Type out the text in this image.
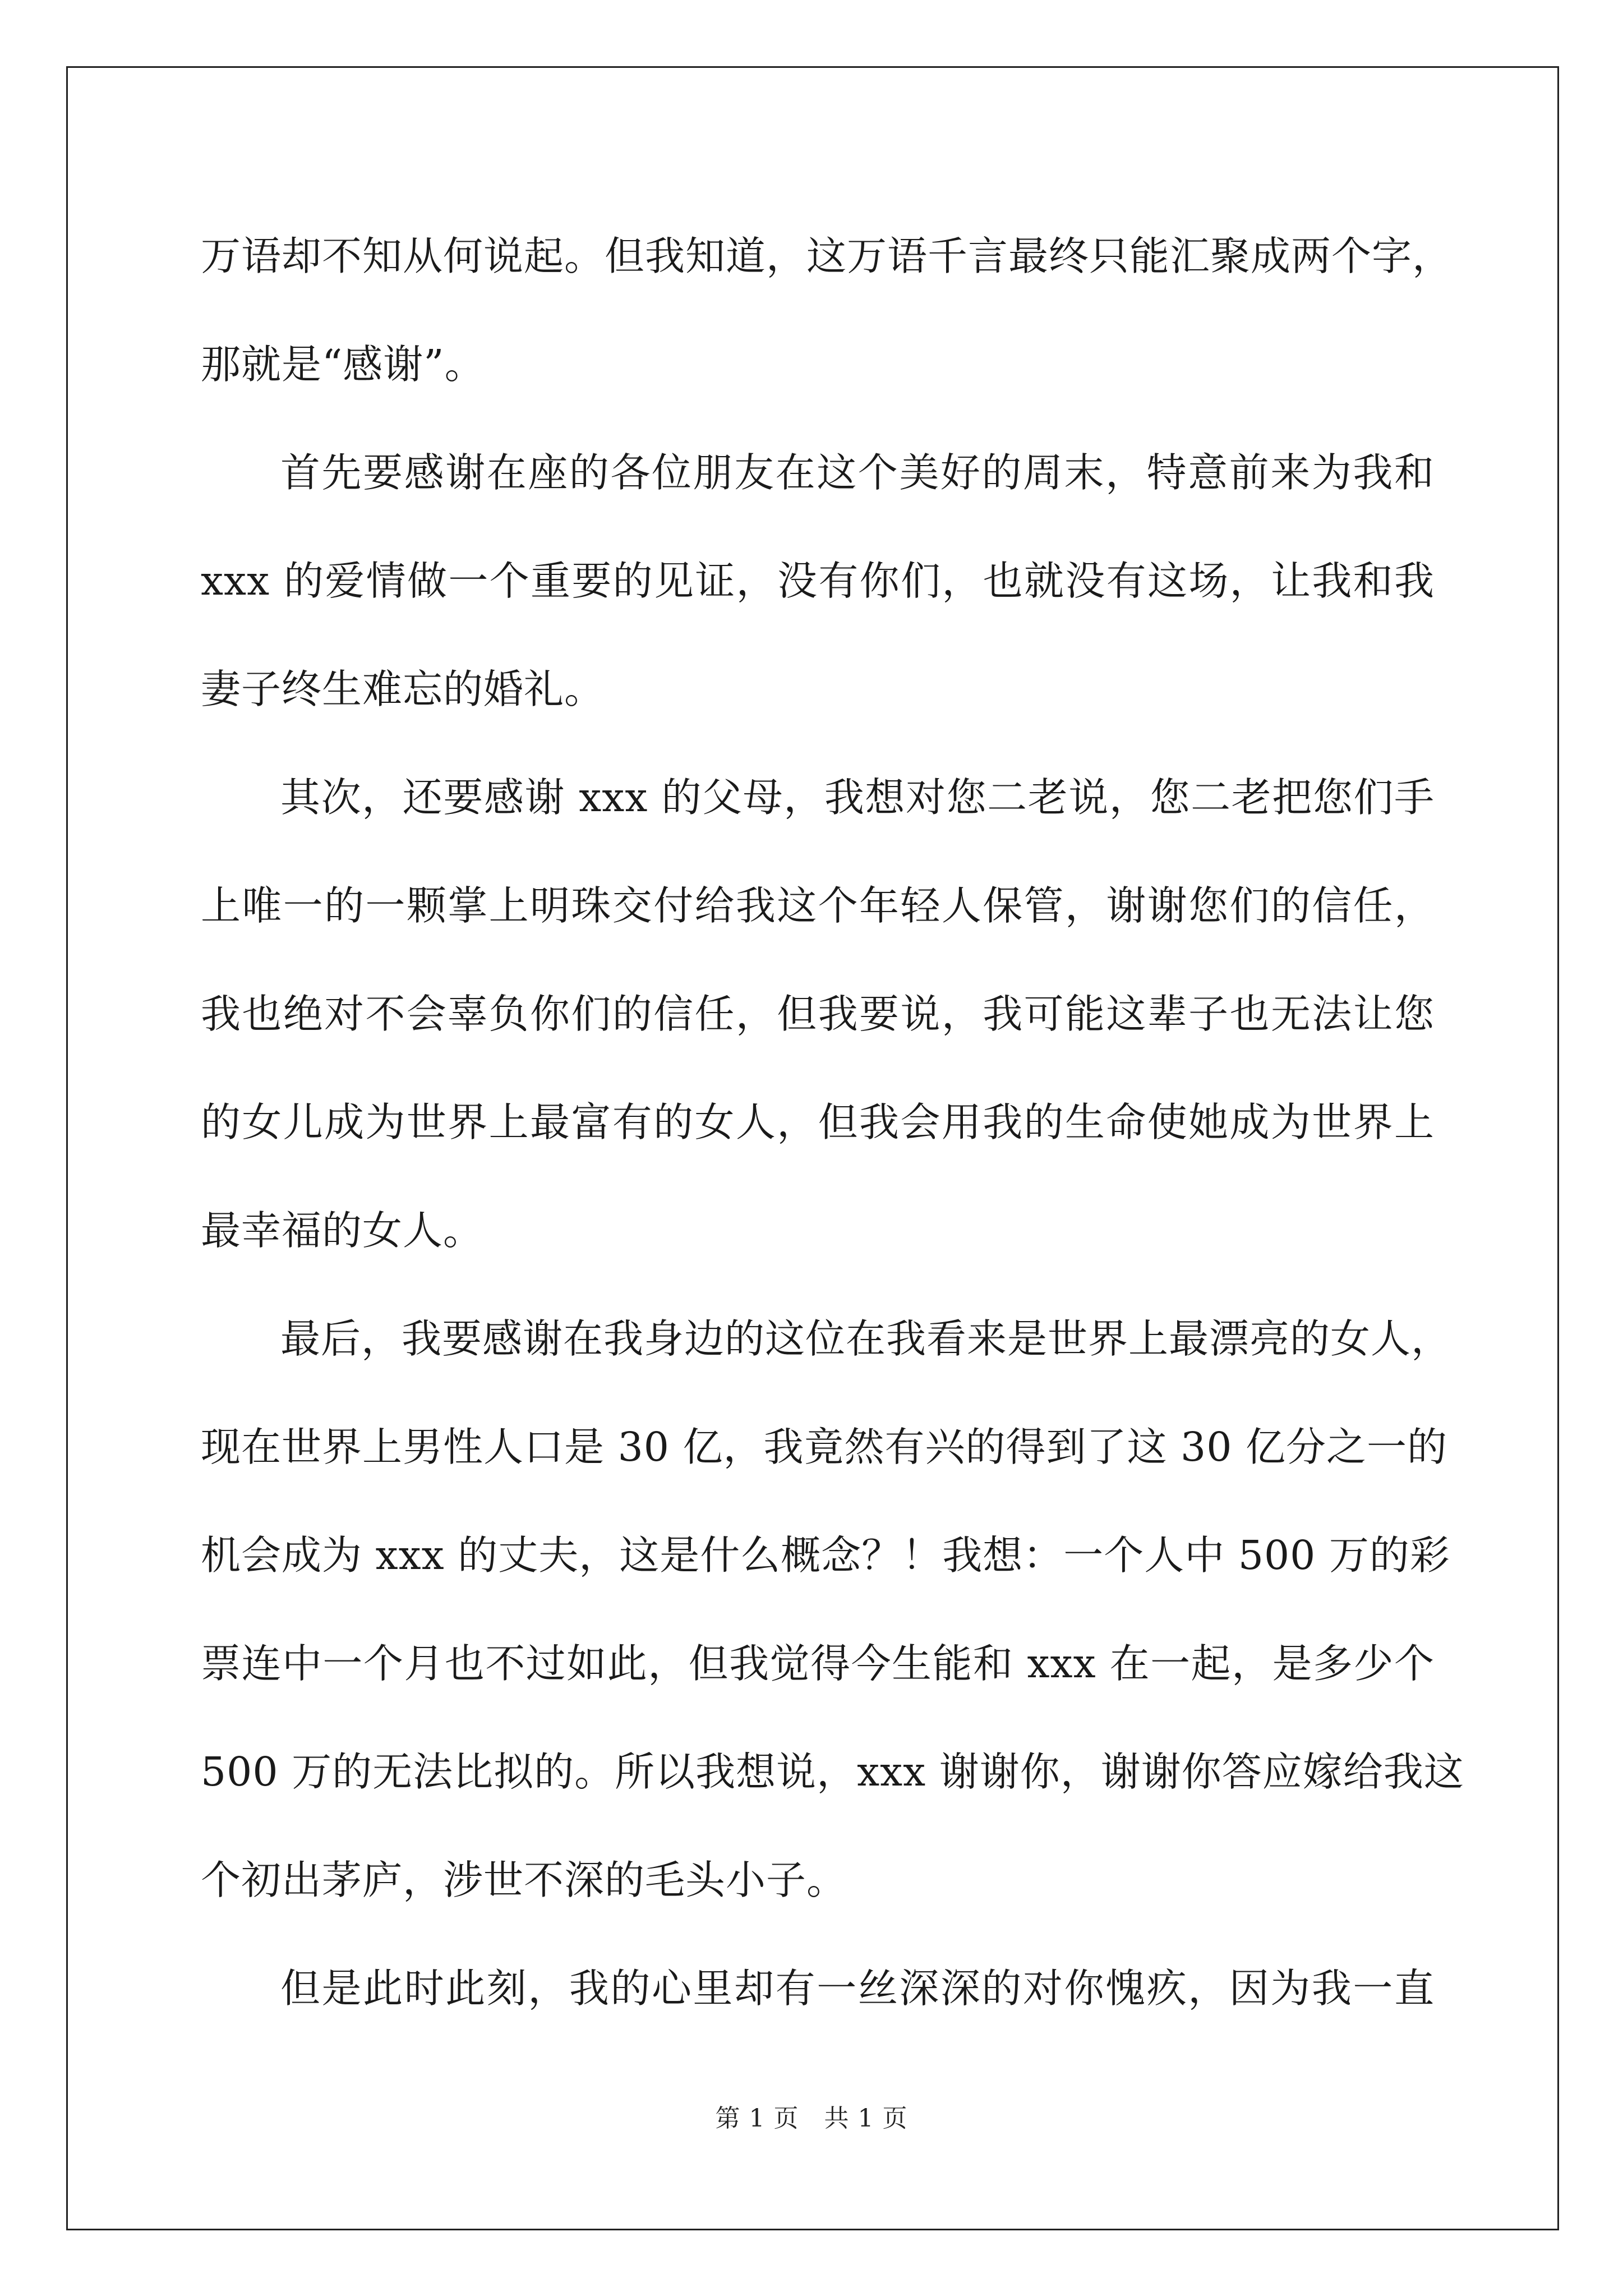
万语却不知从何说起。但我知道，这万语千言最终只能汇聚成两个字，
那就是“感谢”。

首先要感谢在座的各位朋友在这个美好的周末，特意前来为我和
xxx 的爱情做一个重要的见证，没有你们，也就没有这场，让我和我
妻子终生难忘的婚礼。

其次，还要感谢 xxx 的父母，我想对您二老说，您二老把您们手
上唯一的一颗掌上明珠交付给我这个年轻人保管，谢谢您们的信任，
我也绝对不会辜负你们的信任，但我要说，我可能这辈子也无法让您
的女儿成为世界上最富有的女人，但我会用我的生命使她成为世界上
最幸福的女人。

最后，我要感谢在我身边的这位在我看来是世界上最漂亮的女人，
现在世界上男性人口是 30 亿，我竟然有兴的得到了这 30 亿分之一的
机会成为 xxx 的丈夫，这是什么概念？！我想：一个人中 500 万的彩
票连中一个月也不过如此，但我觉得今生能和 xxx 在一起，是多少个
500 万的无法比拟的。所以我想说，xxx 谢谢你，谢谢你答应嫁给我这
个初出茅庐，涉世不深的毛头小子。

但是此时此刻，我的心里却有一丝深深的对你愧疚，因为我一直

第 1 页 共 1 页
